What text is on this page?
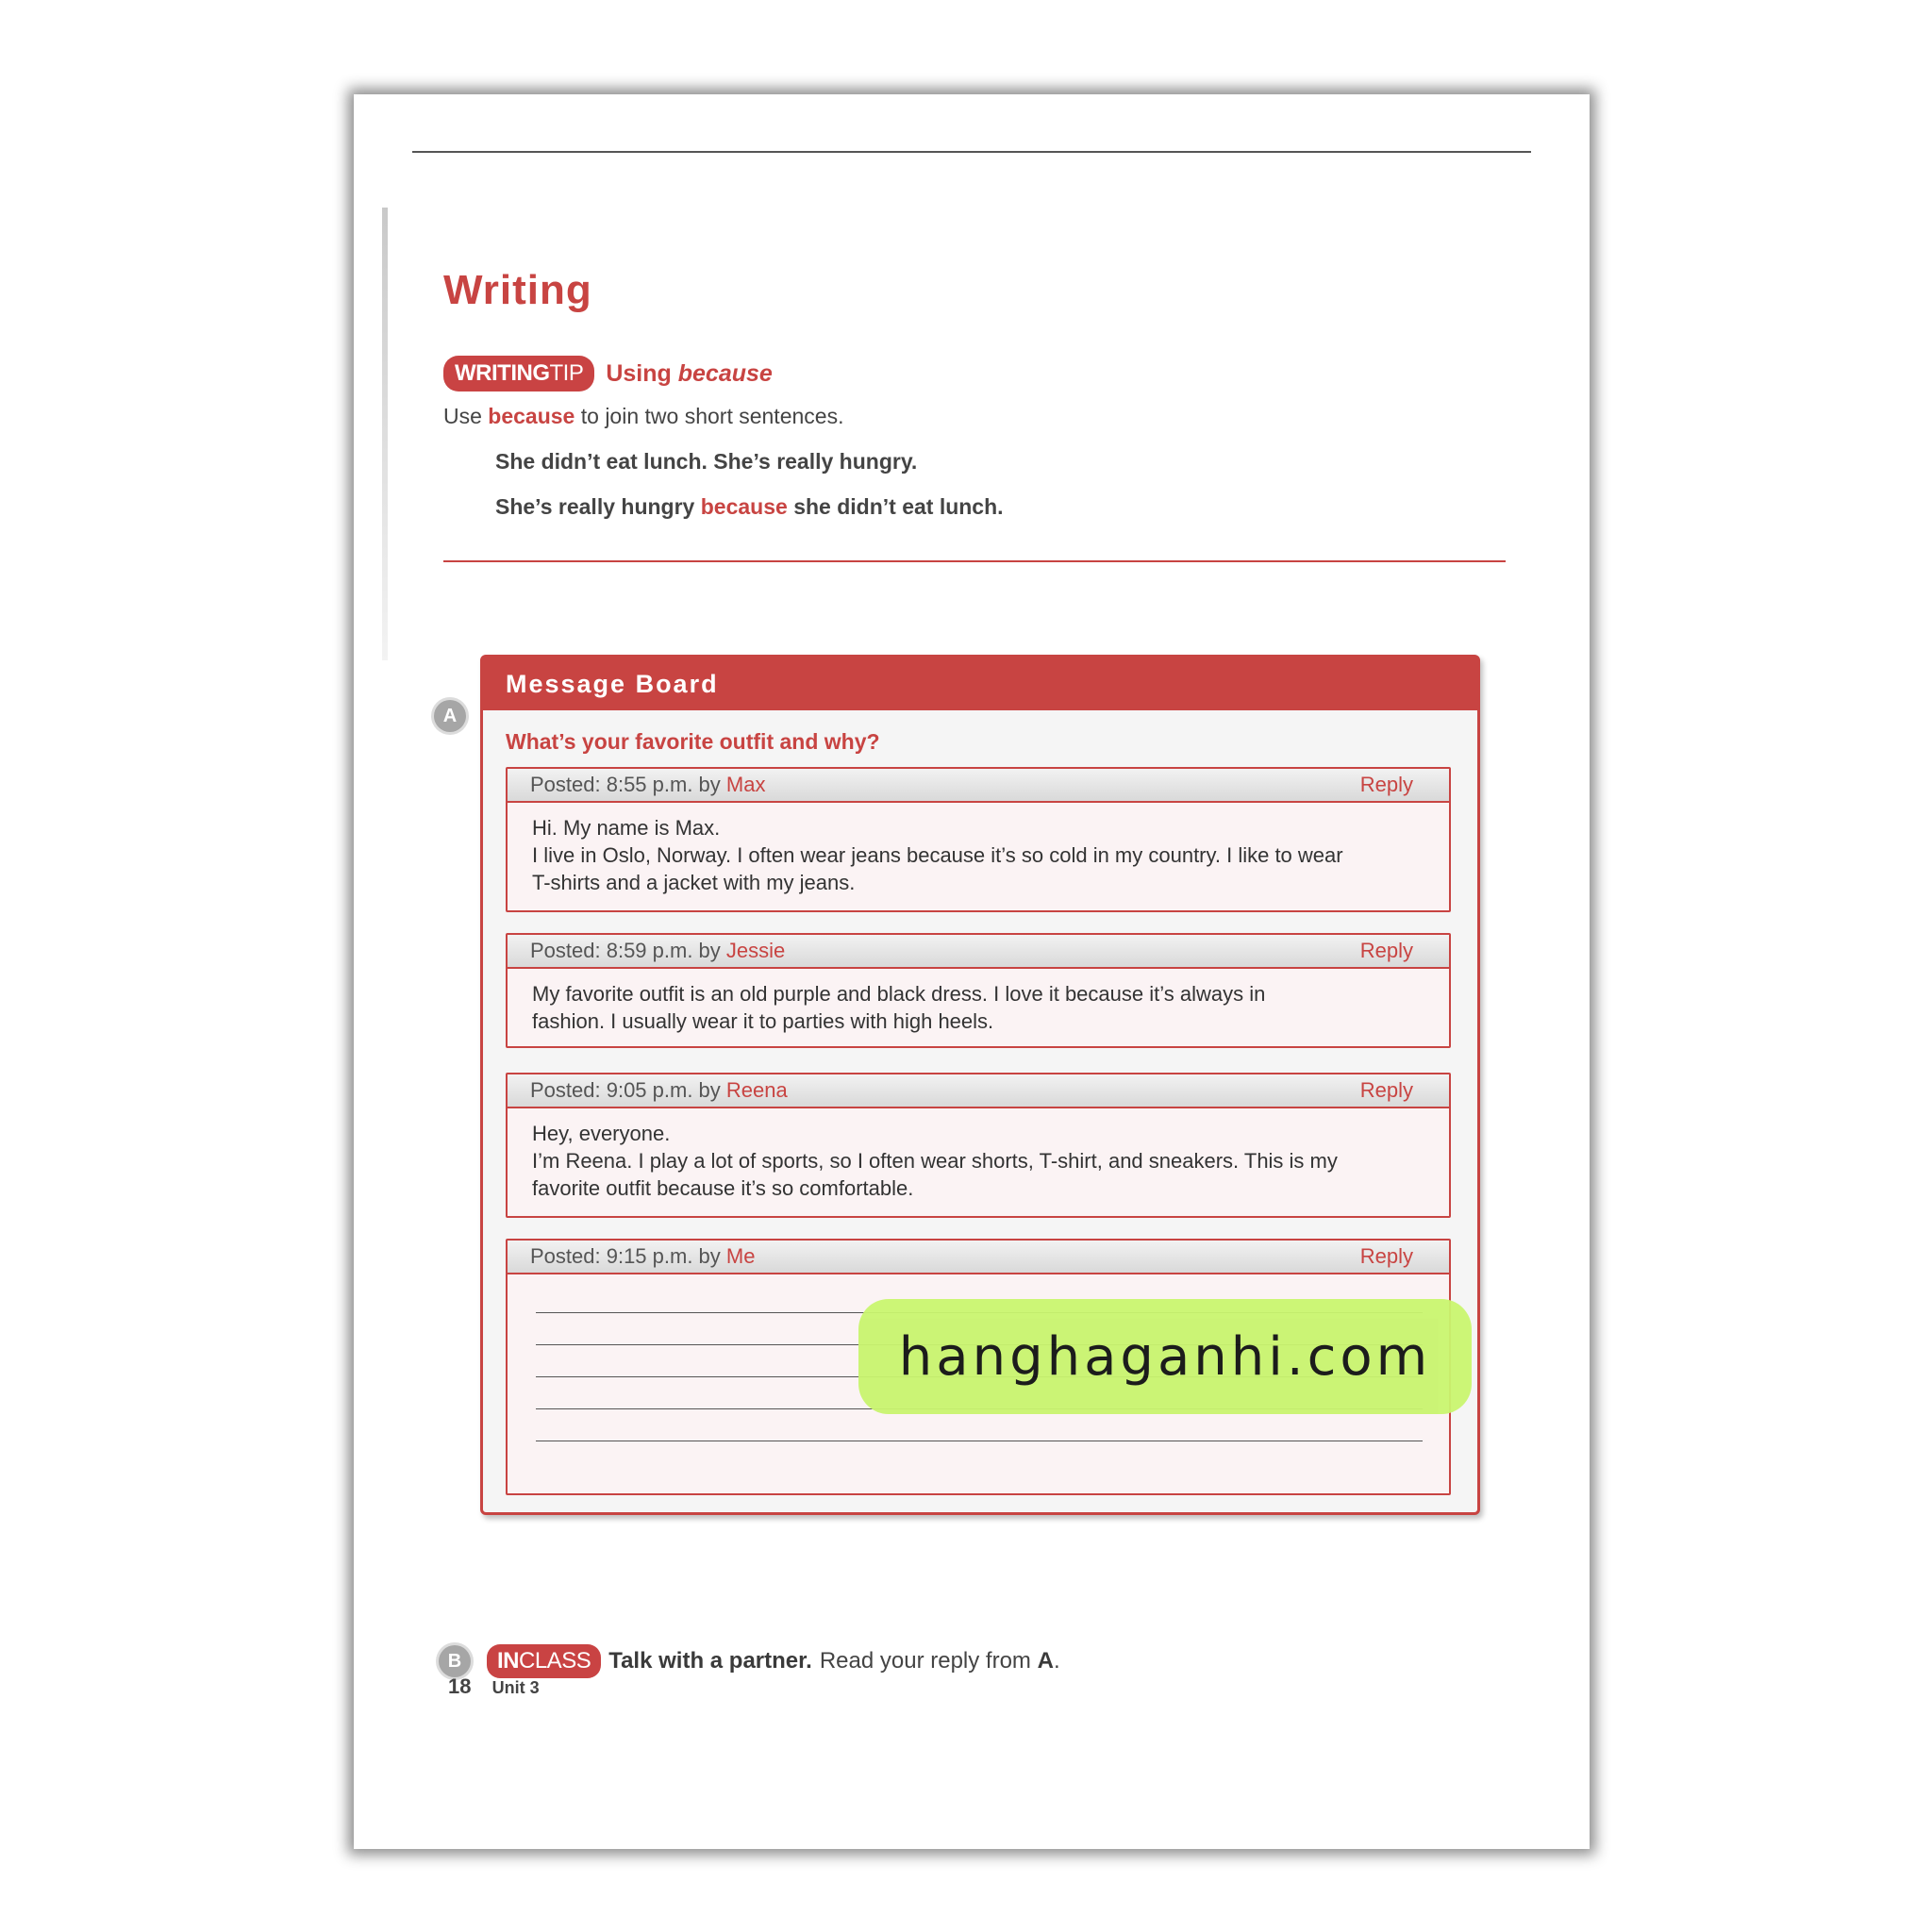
Writing
WRITINGTIP Using because
Use because to join two short sentences.
She didn’t eat lunch. She’s really hungry.
She’s really hungry because she didn’t eat lunch.
A
Message Board
What’s your favorite outfit and why?
Posted: 8:55 p.m. by Max	Reply
Hi. My name is Max.
I live in Oslo, Norway. I often wear jeans because it’s so cold in my country. I like to wear
T-shirts and a jacket with my jeans.
Posted: 8:59 p.m. by Jessie	Reply
My favorite outfit is an old purple and black dress. I love it because it’s always in
fashion. I usually wear it to parties with high heels.
Posted: 9:05 p.m. by Reena	Reply
Hey, everyone.
I’m Reena. I play a lot of sports, so I often wear shorts, T-shirt, and sneakers. This is my
favorite outfit because it’s so comfortable.
Posted: 9:15 p.m. by Me	Reply
B	INCLASS Talk with a partner. Read your reply from
A .
18 Unit 3
hanghaganhi.com
